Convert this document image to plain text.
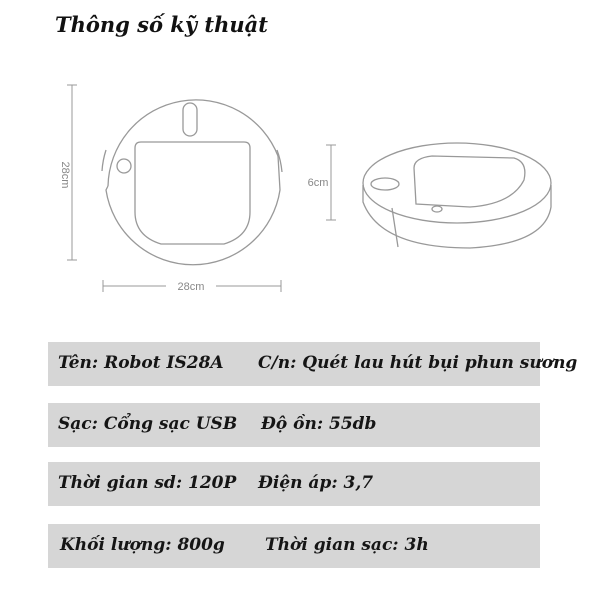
Thông số kỹ thuật
28cm
28cm
6cm
Tên: Robot IS28A C/n: Quét lau hút bụi phun sương
Sạc: Cổng sạc USB Độ ồn: 55db
Thời gian sd: 120P Điện áp: 3,7
Khối lượng: 800g Thời gian sạc: 3h
